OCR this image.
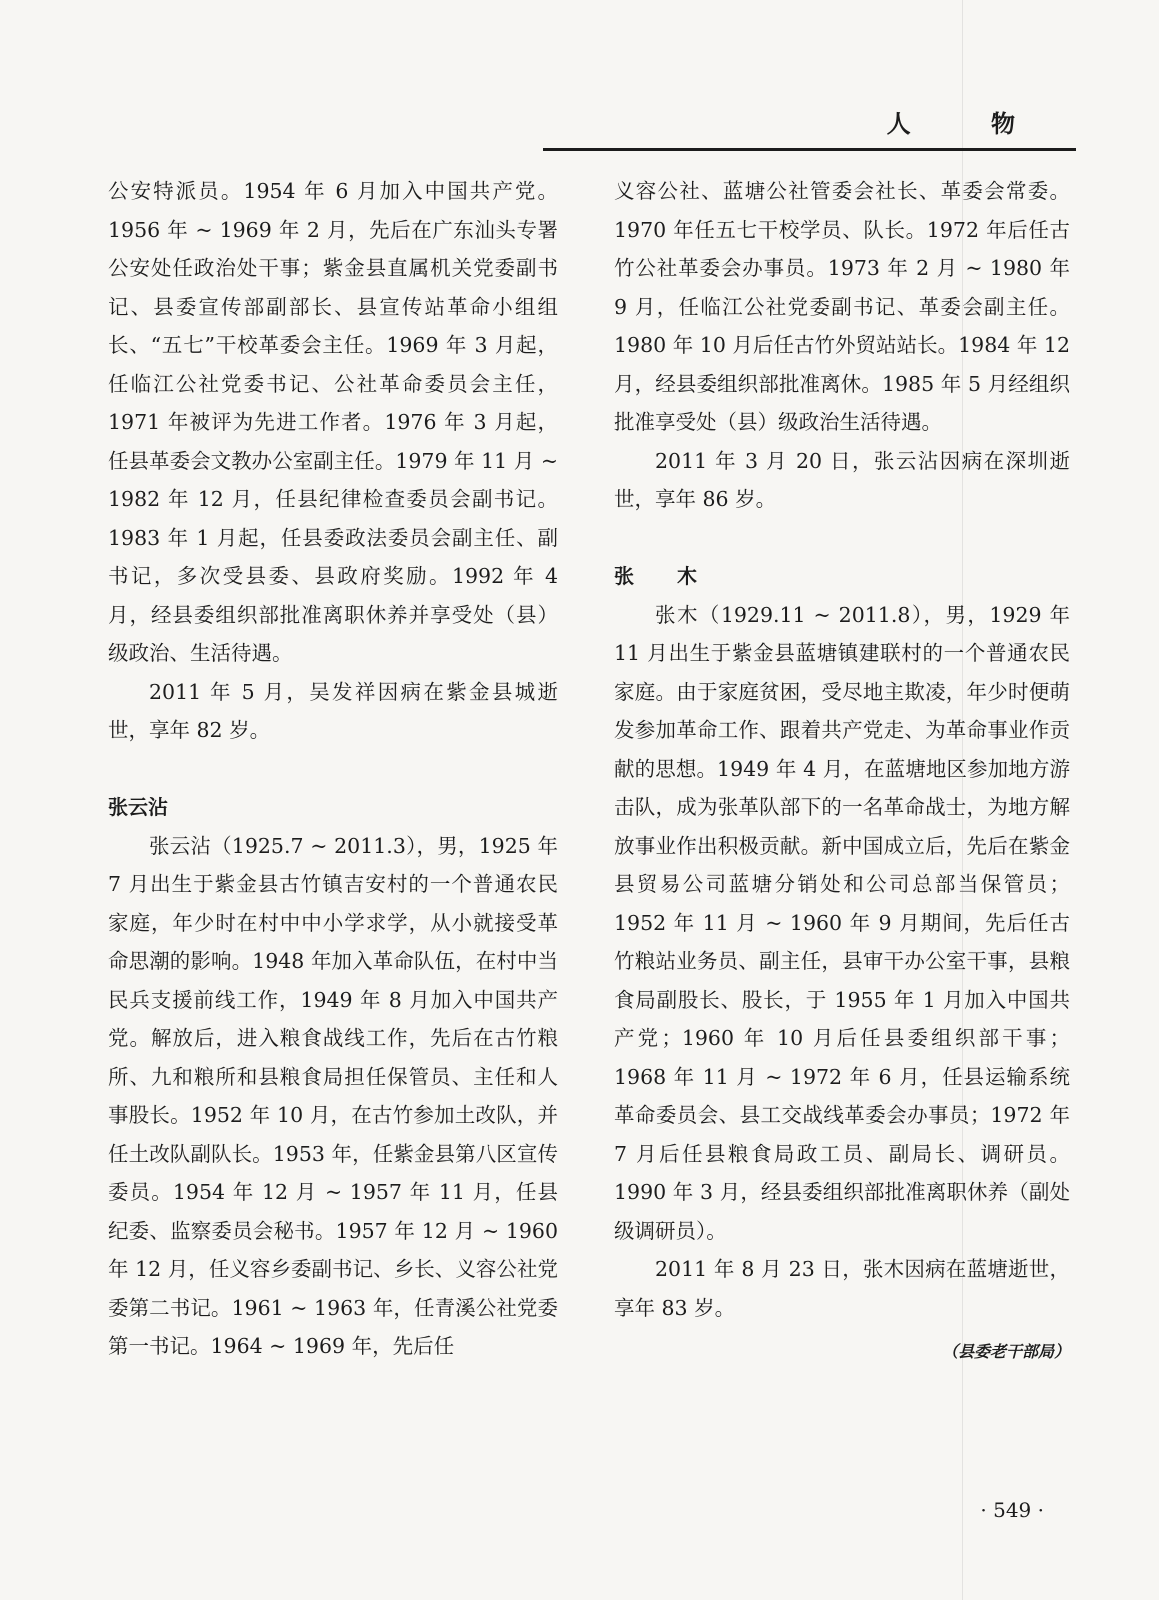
人 物

公安特派员。1954 年 6 月加入中国共产党。1956 年 ~ 1969 年 2 月，先后在广东汕头专署公安处任政治处干事；紫金县直属机关党委副书记、县委宣传部副部长、县宣传站革命小组组长、“五七”干校革委会主任。1969 年 3 月起，任临江公社党委书记、公社革命委员会主任，1971 年被评为先进工作者。1976 年 3 月起，任县革委会文教办公室副主任。1979 年 11 月 ~ 1982 年 12 月，任县纪律检查委员会副书记。1983 年 1 月起，任县委政法委员会副主任、副书记，多次受县委、县政府奖励。1992 年 4 月，经县委组织部批准离职休养并享受处（县）级政治、生活待遇。

2011 年 5 月，吴发祥因病在紫金县城逝世，享年 82 岁。

张云沾

张云沾（1925.7 ~ 2011.3），男，1925 年 7 月出生于紫金县古竹镇吉安村的一个普通农民家庭，年少时在村中中小学求学，从小就接受革命思潮的影响。1948 年加入革命队伍，在村中当民兵支援前线工作，1949 年 8 月加入中国共产党。解放后，进入粮食战线工作，先后在古竹粮所、九和粮所和县粮食局担任保管员、主任和人事股长。1952 年 10 月，在古竹参加土改队，并任土改队副队长。1953 年，任紫金县第八区宣传委员。1954 年 12 月 ~ 1957 年 11 月，任县纪委、监察委员会秘书。1957 年 12 月 ~ 1960 年 12 月，任义容乡委副书记、乡长、义容公社党委第二书记。1961 ~ 1963 年，任青溪公社党委第一书记。1964 ~ 1969 年，先后任

义容公社、蓝塘公社管委会社长、革委会常委。1970 年任五七干校学员、队长。1972 年后任古竹公社革委会办事员。1973 年 2 月 ~ 1980 年 9 月，任临江公社党委副书记、革委会副主任。1980 年 10 月后任古竹外贸站站长。1984 年 12 月，经县委组织部批准离休。1985 年 5 月经组织批准享受处（县）级政治生活待遇。

2011 年 3 月 20 日，张云沾因病在深圳逝世，享年 86 岁。

张 木

张木（1929.11 ~ 2011.8），男，1929 年 11 月出生于紫金县蓝塘镇建联村的一个普通农民家庭。由于家庭贫困，受尽地主欺凌，年少时便萌发参加革命工作、跟着共产党走、为革命事业作贡献的思想。1949 年 4 月，在蓝塘地区参加地方游击队，成为张革队部下的一名革命战士，为地方解放事业作出积极贡献。新中国成立后，先后在紫金县贸易公司蓝塘分销处和公司总部当保管员；1952 年 11 月 ~ 1960 年 9 月期间，先后任古竹粮站业务员、副主任，县审干办公室干事，县粮食局副股长、股长，于 1955 年 1 月加入中国共产党；1960 年 10 月后任县委组织部干事；1968 年 11 月 ~ 1972 年 6 月，任县运输系统革命委员会、县工交战线革委会办事员；1972 年 7 月后任县粮食局政工员、副局长、调研员。1990 年 3 月，经县委组织部批准离职休养（副处级调研员）。

2011 年 8 月 23 日，张木因病在蓝塘逝世，享年 83 岁。

（县委老干部局）
· 549 ·
